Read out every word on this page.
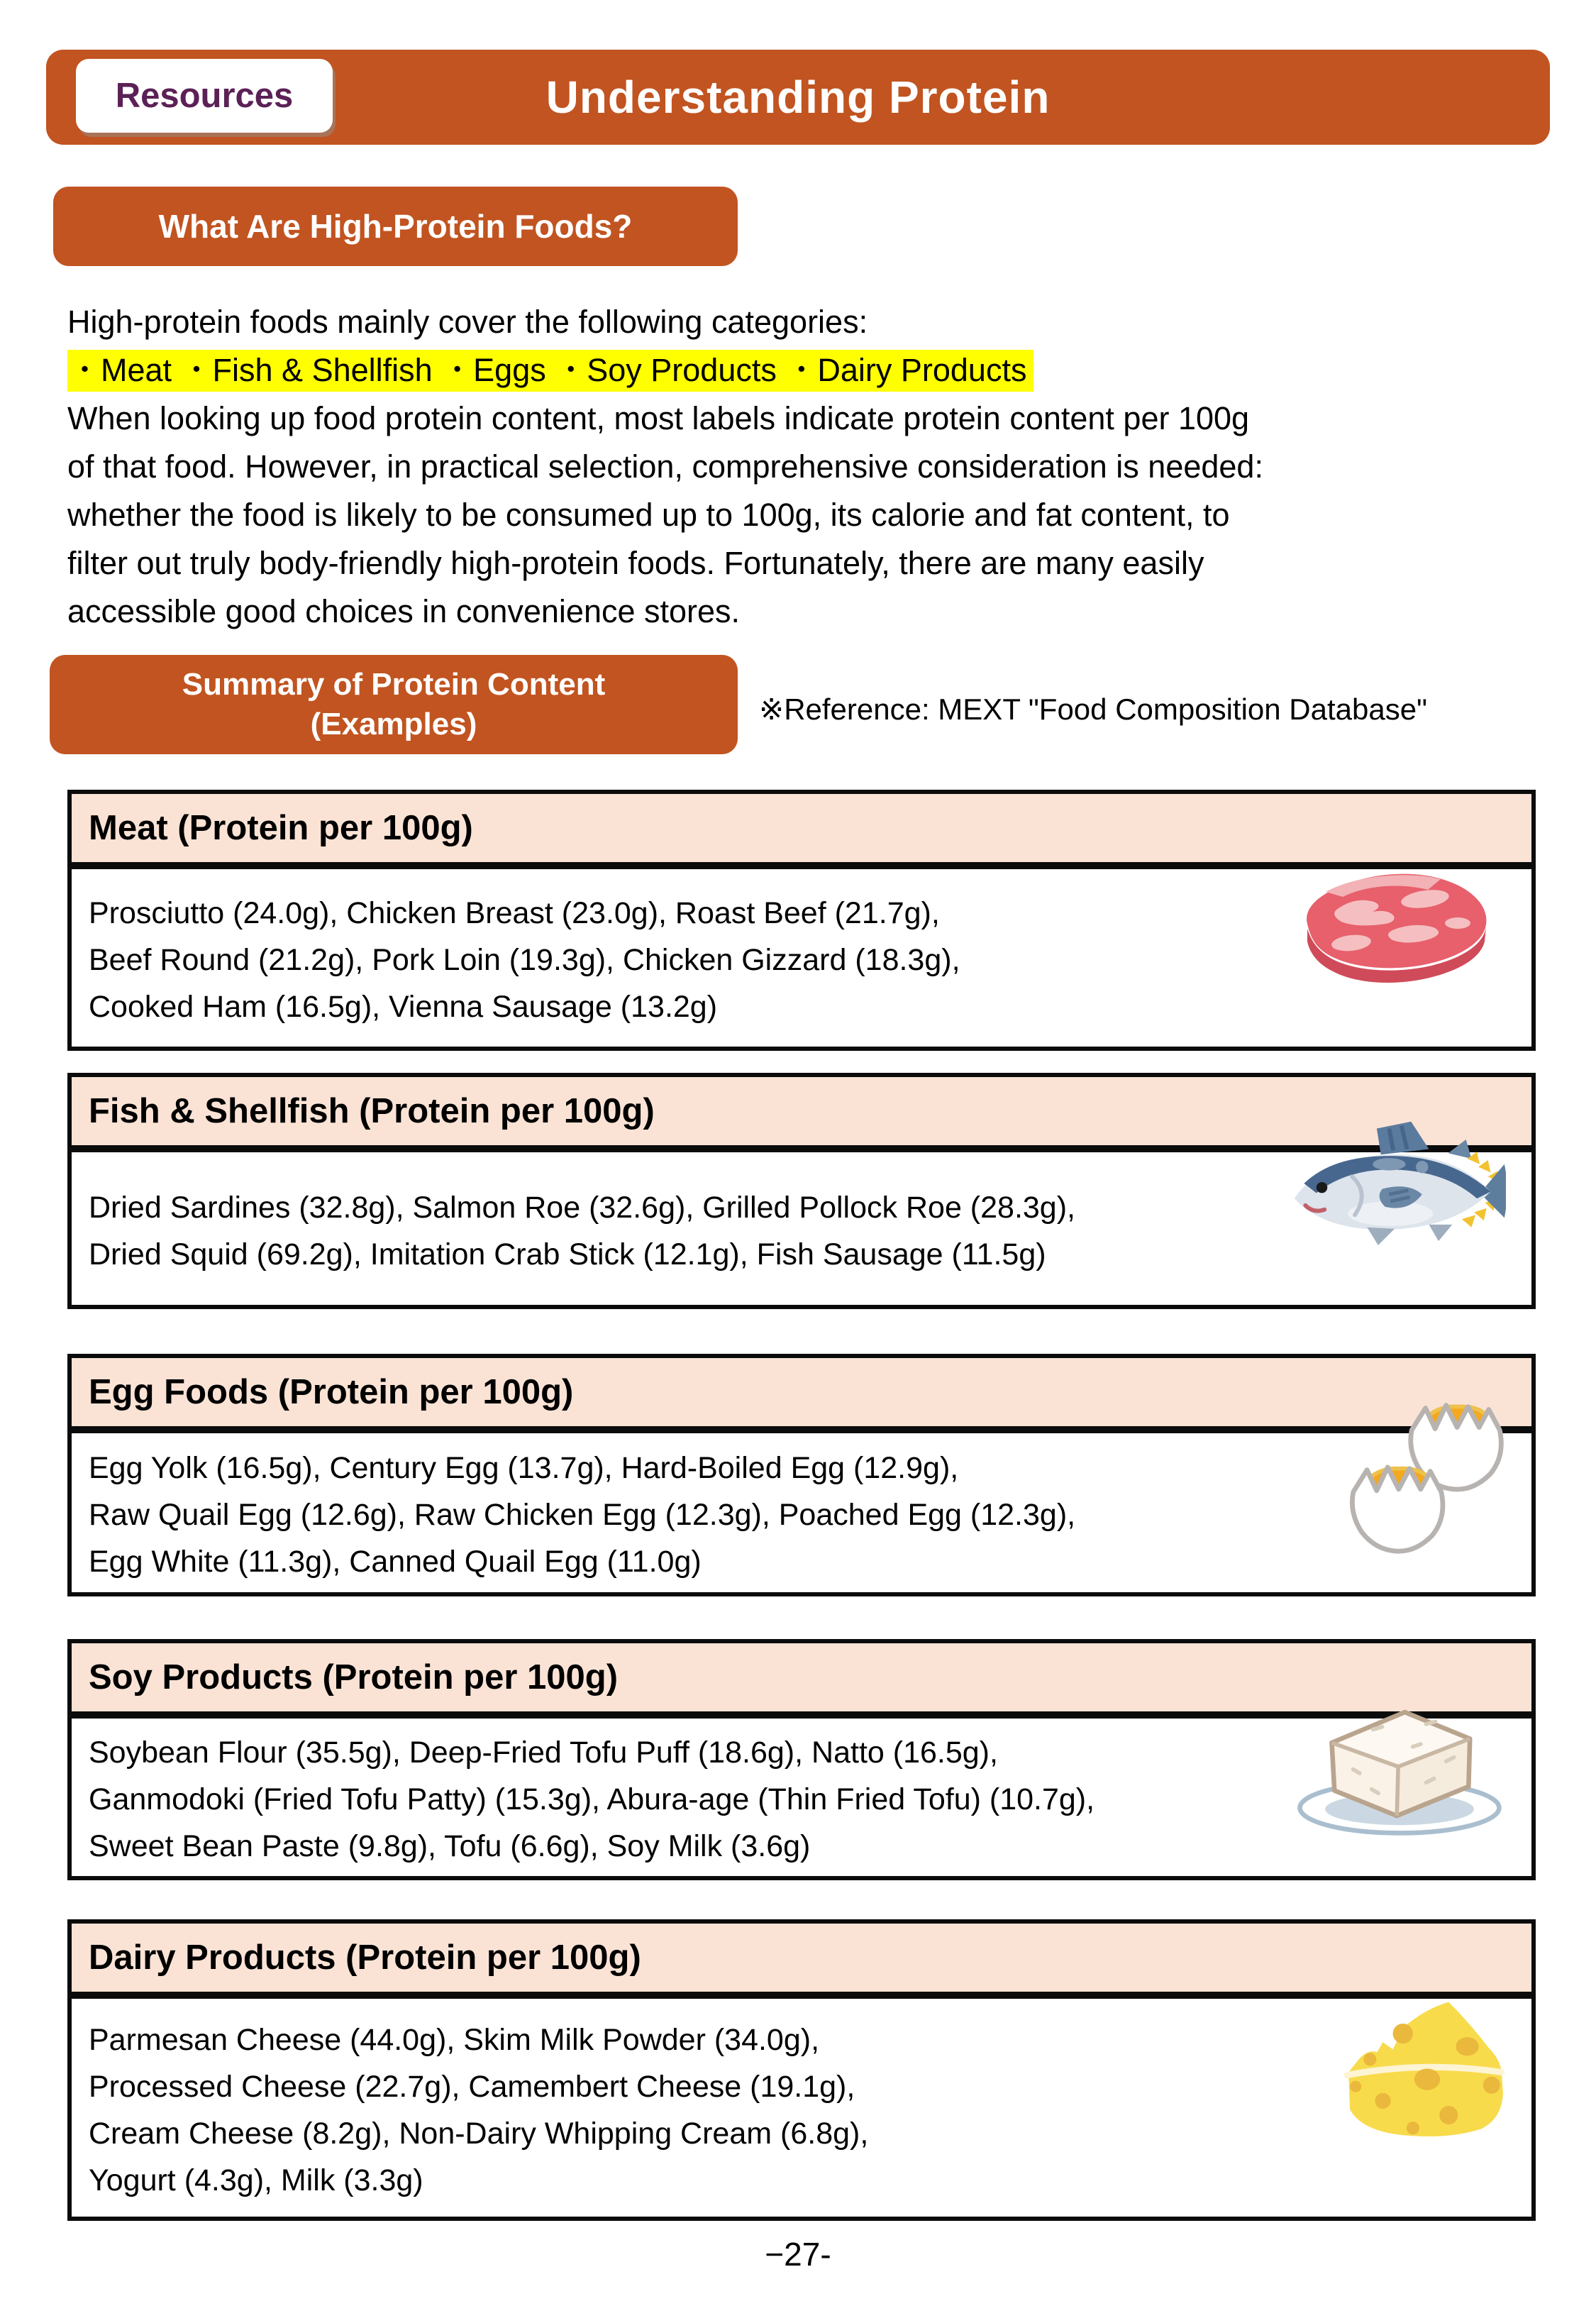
Resources	Understanding Protein
What Are High-Protein Foods?
High-protein foods mainly cover the following categories:
・Meat ・Fish & Shellfish ・Eggs ・Soy Products ・Dairy Products
When looking up food protein content, most labels indicate protein content per 100g
of that food. However, in practical selection, comprehensive consideration is needed:
whether the food is likely to be consumed up to 100g, its calorie and fat content, to
filter out truly body-friendly high-protein foods. Fortunately, there are many easily
accessible good choices in convenience stores.
Summary of Protein Content
(Examples)	※Reference: MEXT "Food Composition Database"
Meat (Protein per 100g)
Prosciutto (24.0g), Chicken Breast (23.0g), Roast Beef (21.7g),
Beef Round (21.2g), Pork Loin (19.3g), Chicken Gizzard (18.3g),
Cooked Ham (16.5g), Vienna Sausage (13.2g)
Fish & Shellfish (Protein per 100g)
Dried Sardines (32.8g), Salmon Roe (32.6g), Grilled Pollock Roe (28.3g),
Dried Squid (69.2g), Imitation Crab Stick (12.1g), Fish Sausage (11.5g)
Egg Foods (Protein per 100g)
Egg Yolk (16.5g), Century Egg (13.7g), Hard-Boiled Egg (12.9g),
Raw Quail Egg (12.6g), Raw Chicken Egg (12.3g), Poached Egg (12.3g),
Egg White (11.3g), Canned Quail Egg (11.0g)
Soy Products (Protein per 100g)
Soybean Flour (35.5g), Deep-Fried Tofu Puff (18.6g), Natto (16.5g),
Ganmodoki (Fried Tofu Patty) (15.3g), Abura-age (Thin Fried Tofu) (10.7g),
Sweet Bean Paste (9.8g), Tofu (6.6g), Soy Milk (3.6g)
Dairy Products (Protein per 100g)
Parmesan Cheese (44.0g), Skim Milk Powder (34.0g),
Processed Cheese (22.7g), Camembert Cheese (19.1g),
Cream Cheese (8.2g), Non-Dairy Whipping Cream (6.8g),
Yogurt (4.3g), Milk (3.3g)
−27-
